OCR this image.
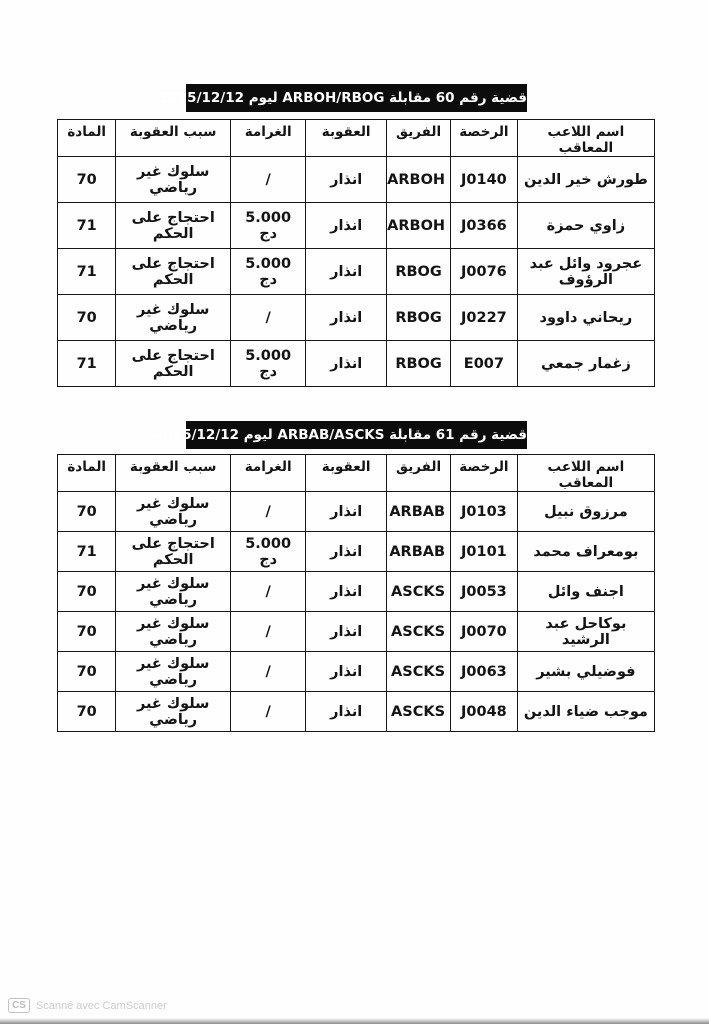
قضية رقم 60 مقابلة ARBOH/RBOG ليوم 2025/12/12
اسم اللاعب المعاقب	الرخصة	الفريق	العقوبة	الغرامة	سبب العقوبة	المادة
طورش خير الدين	J0140	ARBOH	انذار	/	سلوك غير رياضي	70
زاوي حمزة	J0366	ARBOH	انذار	5.000 دج	احتجاج على الحكم	71
عجرود وائل عبد الرؤوف	J0076	RBOG	انذار	5.000 دج	احتجاج على الحكم	71
ريحاني داوود	J0227	RBOG	انذار	/	سلوك غير رياضي	70
زغمار جمعي	E007	RBOG	انذار	5.000 دج	احتجاج على الحكم	71
قضية رقم 61 مقابلة ARBAB/ASCKS ليوم 2025/12/12
اسم اللاعب المعاقب	الرخصة	الفريق	العقوبة	الغرامة	سبب العقوبة	المادة
مرزوق نبيل	J0103	ARBAB	انذار	/	سلوك غير رياضي	70
بومعراف محمد	J0101	ARBAB	انذار	5.000 دج	احتجاج على الحكم	71
اجنف وائل	J0053	ASCKS	انذار	/	سلوك غير رياضي	70
بوكاحل عبد الرشيد	J0070	ASCKS	انذار	/	سلوك غير رياضي	70
فوضيلي بشير	J0063	ASCKS	انذار	/	سلوك غير رياضي	70
موجب ضياء الدين	J0048	ASCKS	انذار	/	سلوك غير رياضي	70
CS Scanné avec CamScanner
